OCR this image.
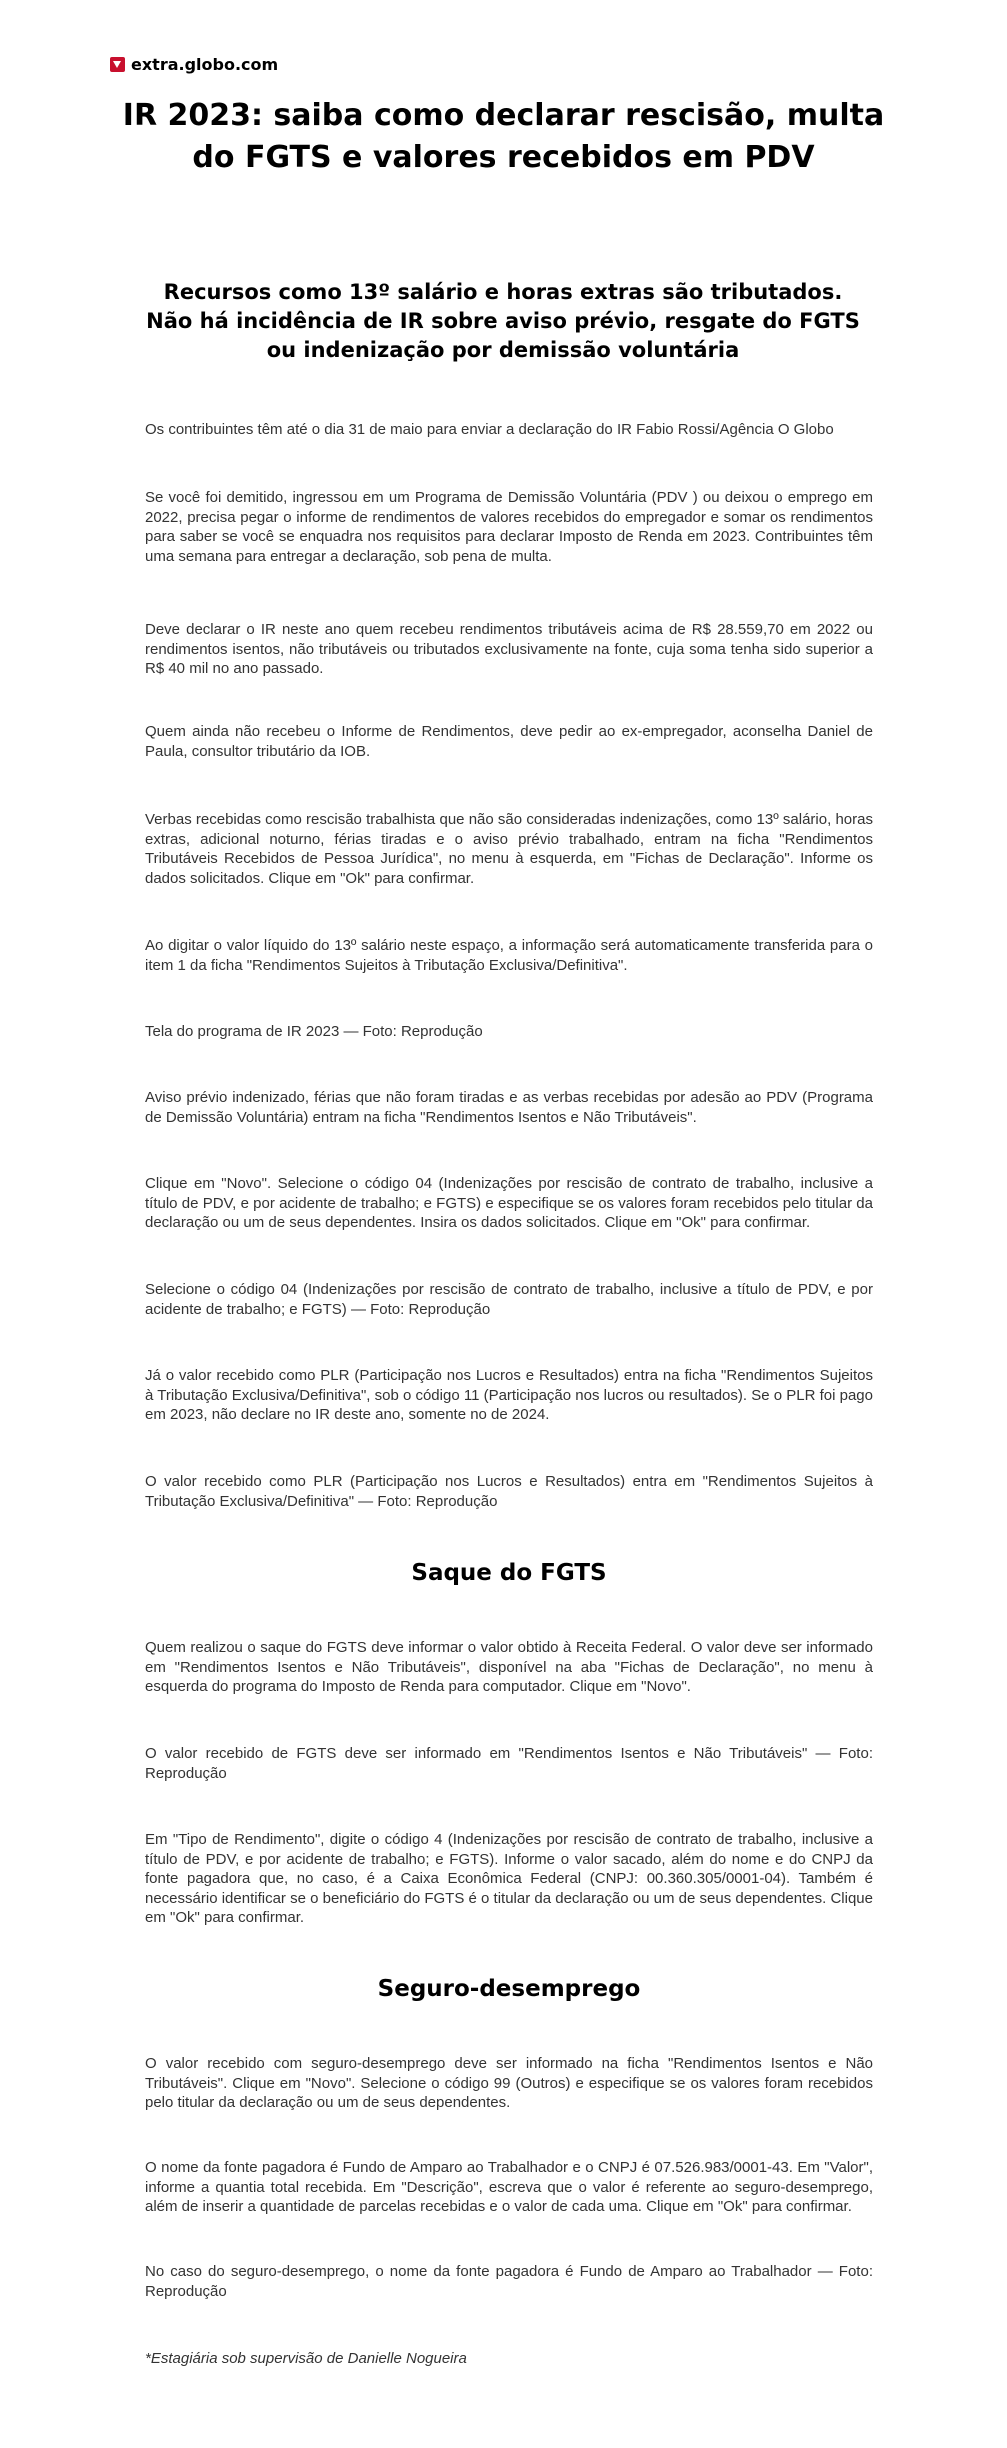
extra.globo.com
IR 2023: saiba como declarar rescisão, multa do FGTS e valores recebidos em PDV
Recursos como 13º salário e horas extras são tributados. Não há incidência de IR sobre aviso prévio, resgate do FGTS ou indenização por demissão voluntária

Os contribuintes têm até o dia 31 de maio para enviar a declaração do IR Fabio Rossi/Agência O Globo

Se você foi demitido, ingressou em um Programa de Demissão Voluntária (PDV ) ou deixou o emprego em 2022, precisa pegar o informe de rendimentos de valores recebidos do empregador e somar os rendimentos para saber se você se enquadra nos requisitos para declarar Imposto de Renda em 2023. Contribuintes têm uma semana para entregar a declaração, sob pena de multa.

Deve declarar o IR neste ano quem recebeu rendimentos tributáveis acima de R$ 28.559,70 em 2022 ou rendimentos isentos, não tributáveis ou tributados exclusivamente na fonte, cuja soma tenha sido superior a R$ 40 mil no ano passado.

Quem ainda não recebeu o Informe de Rendimentos, deve pedir ao ex-empregador, aconselha Daniel de Paula, consultor tributário da IOB.

Verbas recebidas como rescisão trabalhista que não são consideradas indenizações, como 13º salário, horas extras, adicional noturno, férias tiradas e o aviso prévio trabalhado, entram na ficha "Rendimentos Tributáveis Recebidos de Pessoa Jurídica", no menu à esquerda, em "Fichas de Declaração". Informe os dados solicitados. Clique em "Ok" para confirmar.

Ao digitar o valor líquido do 13º salário neste espaço, a informação será automaticamente transferida para o item 1 da ficha "Rendimentos Sujeitos à Tributação Exclusiva/Definitiva".

Tela do programa de IR 2023 — Foto: Reprodução

Aviso prévio indenizado, férias que não foram tiradas e as verbas recebidas por adesão ao PDV (Programa de Demissão Voluntária) entram na ficha "Rendimentos Isentos e Não Tributáveis".

Clique em "Novo". Selecione o código 04 (Indenizações por rescisão de contrato de trabalho, inclusive a título de PDV, e por acidente de trabalho; e FGTS) e especifique se os valores foram recebidos pelo titular da declaração ou um de seus dependentes. Insira os dados solicitados. Clique em "Ok" para confirmar.

Selecione o código 04 (Indenizações por rescisão de contrato de trabalho, inclusive a título de PDV, e por acidente de trabalho; e FGTS) — Foto: Reprodução

Já o valor recebido como PLR (Participação nos Lucros e Resultados) entra na ficha "Rendimentos Sujeitos à Tributação Exclusiva/Definitiva", sob o código 11 (Participação nos lucros ou resultados). Se o PLR foi pago em 2023, não declare no IR deste ano, somente no de 2024.

O valor recebido como PLR (Participação nos Lucros e Resultados) entra em "Rendimentos Sujeitos à Tributação Exclusiva/Definitiva" — Foto: Reprodução

Saque do FGTS

Quem realizou o saque do FGTS deve informar o valor obtido à Receita Federal. O valor deve ser informado em "Rendimentos Isentos e Não Tributáveis", disponível na aba "Fichas de Declaração", no menu à esquerda do programa do Imposto de Renda para computador. Clique em "Novo".

O valor recebido de FGTS deve ser informado em "Rendimentos Isentos e Não Tributáveis" — Foto: Reprodução

Em "Tipo de Rendimento", digite o código 4 (Indenizações por rescisão de contrato de trabalho, inclusive a título de PDV, e por acidente de trabalho; e FGTS). Informe o valor sacado, além do nome e do CNPJ da fonte pagadora que, no caso, é a Caixa Econômica Federal (CNPJ: 00.360.305/0001-04). Também é necessário identificar se o beneficiário do FGTS é o titular da declaração ou um de seus dependentes. Clique em "Ok" para confirmar.

Seguro-desemprego

O valor recebido com seguro-desemprego deve ser informado na ficha "Rendimentos Isentos e Não Tributáveis". Clique em "Novo". Selecione o código 99 (Outros) e especifique se os valores foram recebidos pelo titular da declaração ou um de seus dependentes.

O nome da fonte pagadora é Fundo de Amparo ao Trabalhador e o CNPJ é 07.526.983/0001-43. Em "Valor", informe a quantia total recebida. Em "Descrição", escreva que o valor é referente ao seguro-desemprego, além de inserir a quantidade de parcelas recebidas e o valor de cada uma. Clique em "Ok" para confirmar.

No caso do seguro-desemprego, o nome da fonte pagadora é Fundo de Amparo ao Trabalhador — Foto: Reprodução

*Estagiária sob supervisão de Danielle Nogueira
